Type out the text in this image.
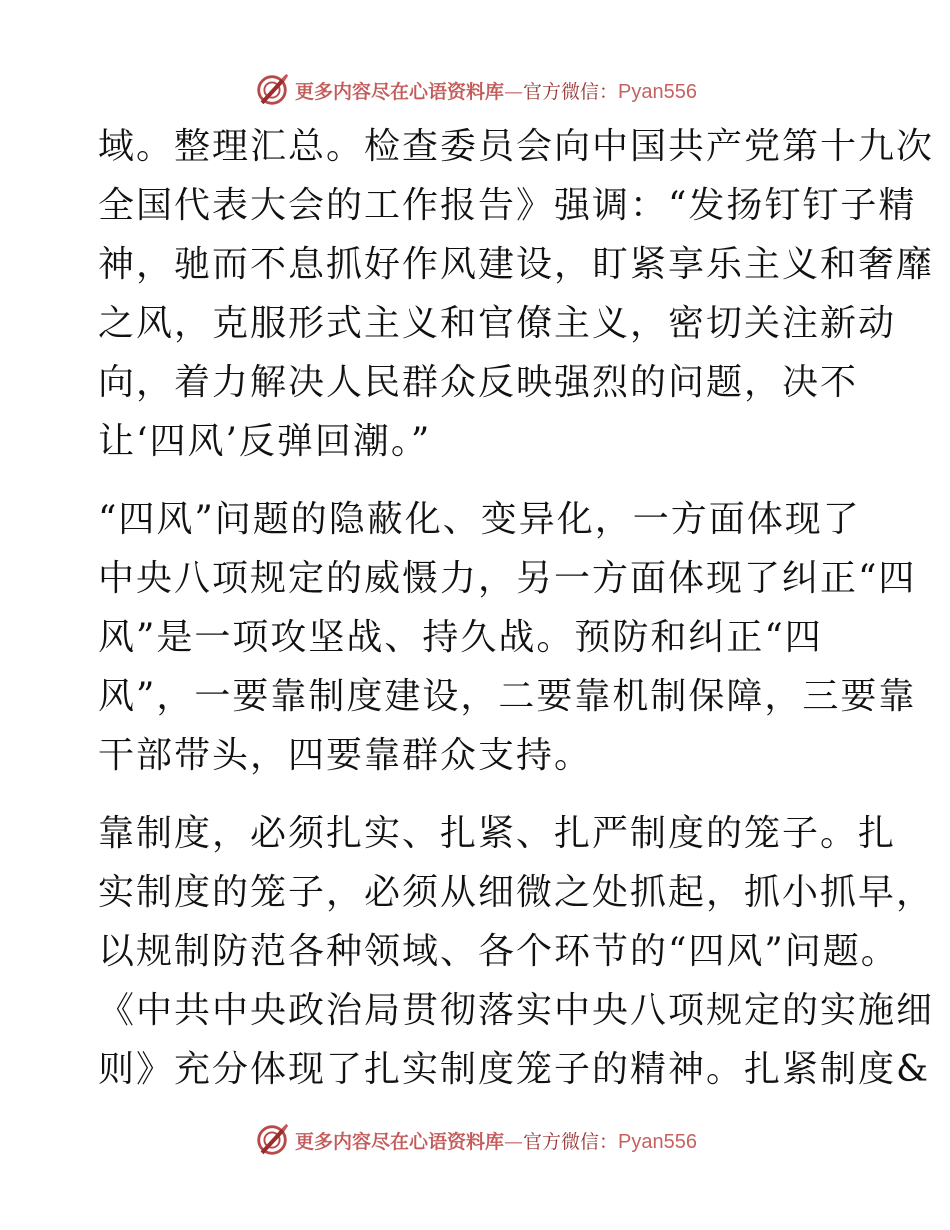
更多内容尽在心语资料库—官方微信：Pyan556
域。整理汇总。检查委员会向中国共产党第十九次
全国代表大会的工作报告》强调：“发扬钉钉子精
神，驰而不息抓好作风建设，盯紧享乐主义和奢靡
之风，克服形式主义和官僚主义，密切关注新动
向，着力解决人民群众反映强烈的问题，决不
让‘四风’反弹回潮。”
“四风”问题的隐蔽化、变异化，一方面体现了
中央八项规定的威慑力，另一方面体现了纠正“四
风”是一项攻坚战、持久战。预防和纠正“四
风”，一要靠制度建设，二要靠机制保障，三要靠
干部带头，四要靠群众支持。
靠制度，必须扎实、扎紧、扎严制度的笼子。扎
实制度的笼子，必须从细微之处抓起，抓小抓早，
以规制防范各种领域、各个环节的“四风”问题。
《中共中央政治局贯彻落实中央八项规定的实施细
则》充分体现了扎实制度笼子的精神。扎紧制度&
更多内容尽在心语资料库—官方微信：Pyan556
